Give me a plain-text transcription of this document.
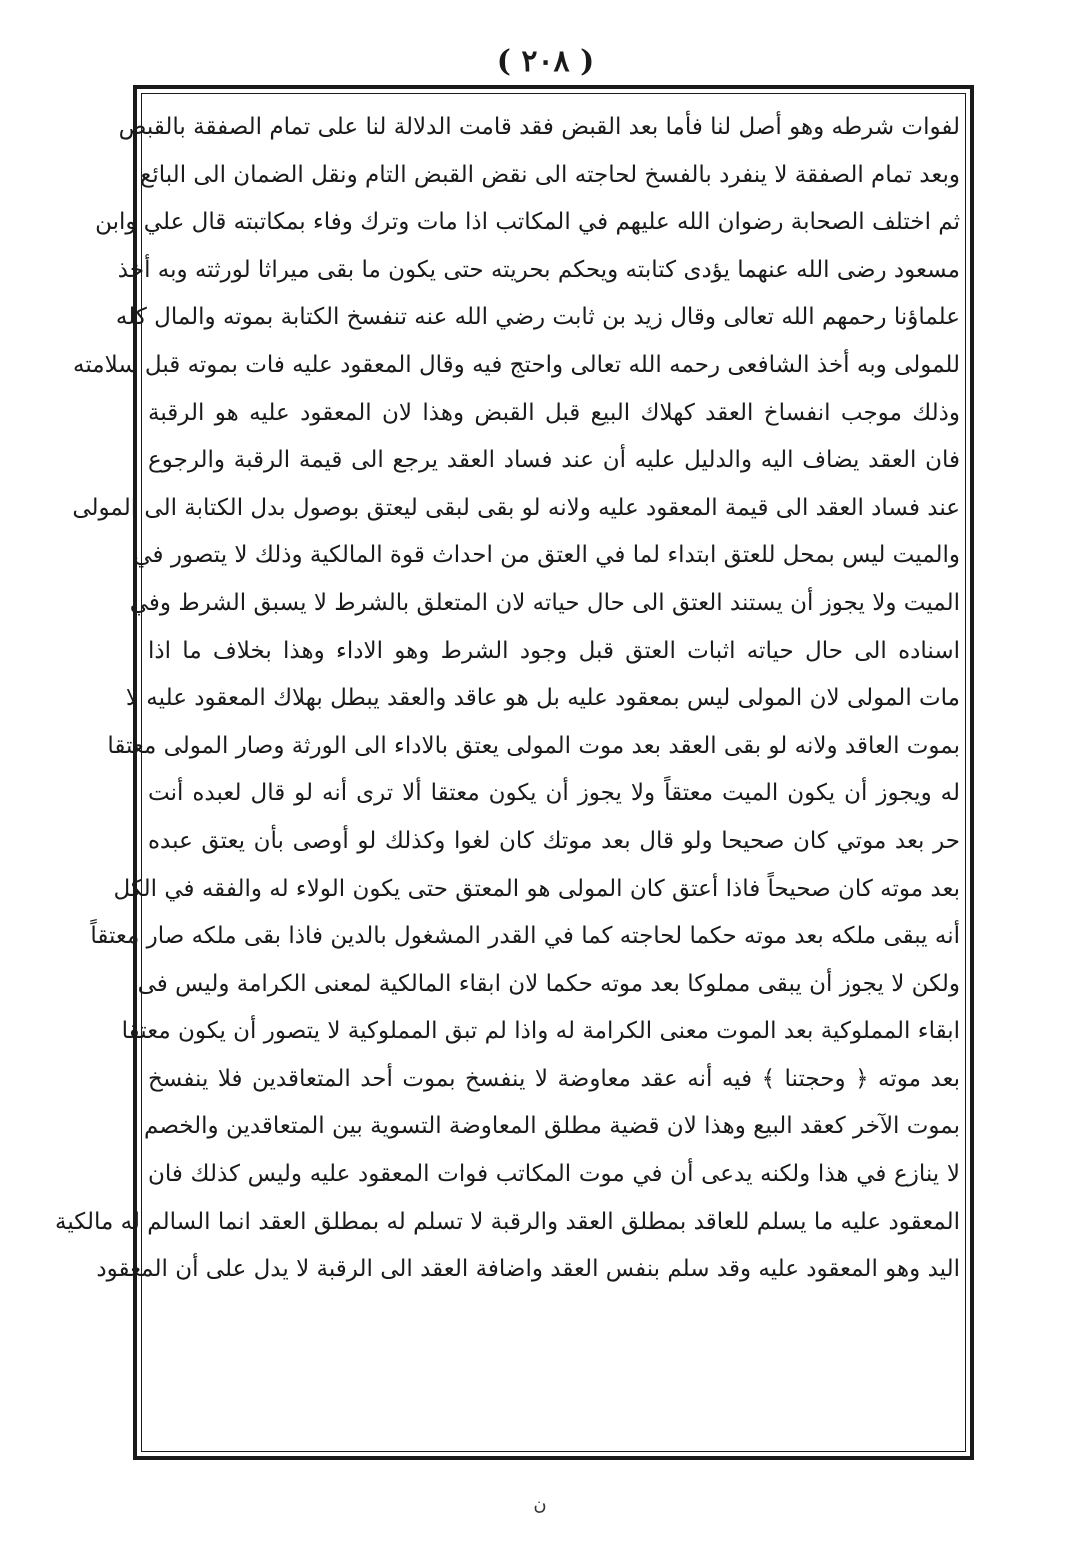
( ٢٠٨ )
لفوات شرطه وهو أصل لنا فأما بعد القبض فقد قامت الدلالة لنا على تمام الصفقة بالقبض
وبعد تمام الصفقة لا ينفرد بالفسخ لحاجته الى نقض القبض التام ونقل الضمان الى البائع
ثم اختلف الصحابة رضوان الله عليهم في المكاتب اذا مات وترك وفاء بمكاتبته قال علي وابن
مسعود رضى الله عنهما يؤدى كتابته ويحكم بحريته حتى يكون ما بقى ميراثا لورثته وبه أخذ
علماؤنا رحمهم الله تعالى وقال زيد بن ثابت رضي الله عنه تنفسخ الكتابة بموته والمال كله
للمولى وبه أخذ الشافعى رحمه الله تعالى واحتج فيه وقال المعقود عليه فات بموته قبل سلامته
وذلك موجب انفساخ العقد كهلاك البيع قبل القبض وهذا لان المعقود عليه هو الرقبة
فان العقد يضاف اليه والدليل عليه أن عند فساد العقد يرجع الى قيمة الرقبة والرجوع
عند فساد العقد الى قيمة المعقود عليه ولانه لو بقى لبقى ليعتق بوصول بدل الكتابة الى المولى
والميت ليس بمحل للعتق ابتداء لما في العتق من احداث قوة المالكية وذلك لا يتصور في
الميت ولا يجوز أن يستند العتق الى حال حياته لان المتعلق بالشرط لا يسبق الشرط وفي
اسناده الى حال حياته اثبات العتق قبل وجود الشرط وهو الاداء وهذا بخلاف ما اذا
مات المولى لان المولى ليس بمعقود عليه بل هو عاقد والعقد يبطل بهلاك المعقود عليه لا
بموت العاقد ولانه لو بقى العقد بعد موت المولى يعتق بالاداء الى الورثة وصار المولى معتقا
له ويجوز أن يكون الميت معتقاً ولا يجوز أن يكون معتقا ألا ترى أنه لو قال لعبده أنت
حر بعد موتي كان صحيحا ولو قال بعد موتك كان لغوا وكذلك لو أوصى بأن يعتق عبده
بعد موته كان صحيحاً فاذا أعتق كان المولى هو المعتق حتى يكون الولاء له والفقه في الكل
أنه يبقى ملكه بعد موته حكما لحاجته كما في القدر المشغول بالدين فاذا بقى ملكه صار معتقاً
ولكن لا يجوز أن يبقى مملوكا بعد موته حكما لان ابقاء المالكية لمعنى الكرامة وليس فى
ابقاء المملوكية بعد الموت معنى الكرامة له واذا لم تبق المملوكية لا يتصور أن يكون معتقا
بعد موته ﴿ وحجتنا ﴾ فيه أنه عقد معاوضة لا ينفسخ بموت أحد المتعاقدين فلا ينفسخ
بموت الآخر كعقد البيع وهذا لان قضية مطلق المعاوضة التسوية بين المتعاقدين والخصم
لا ينازع في هذا ولكنه يدعى أن في موت المكاتب فوات المعقود عليه وليس كذلك فان
المعقود عليه ما يسلم للعاقد بمطلق العقد والرقبة لا تسلم له بمطلق العقد انما السالم له مالكية
اليد وهو المعقود عليه وقد سلم بنفس العقد واضافة العقد الى الرقبة لا يدل على أن المعقود
ن
